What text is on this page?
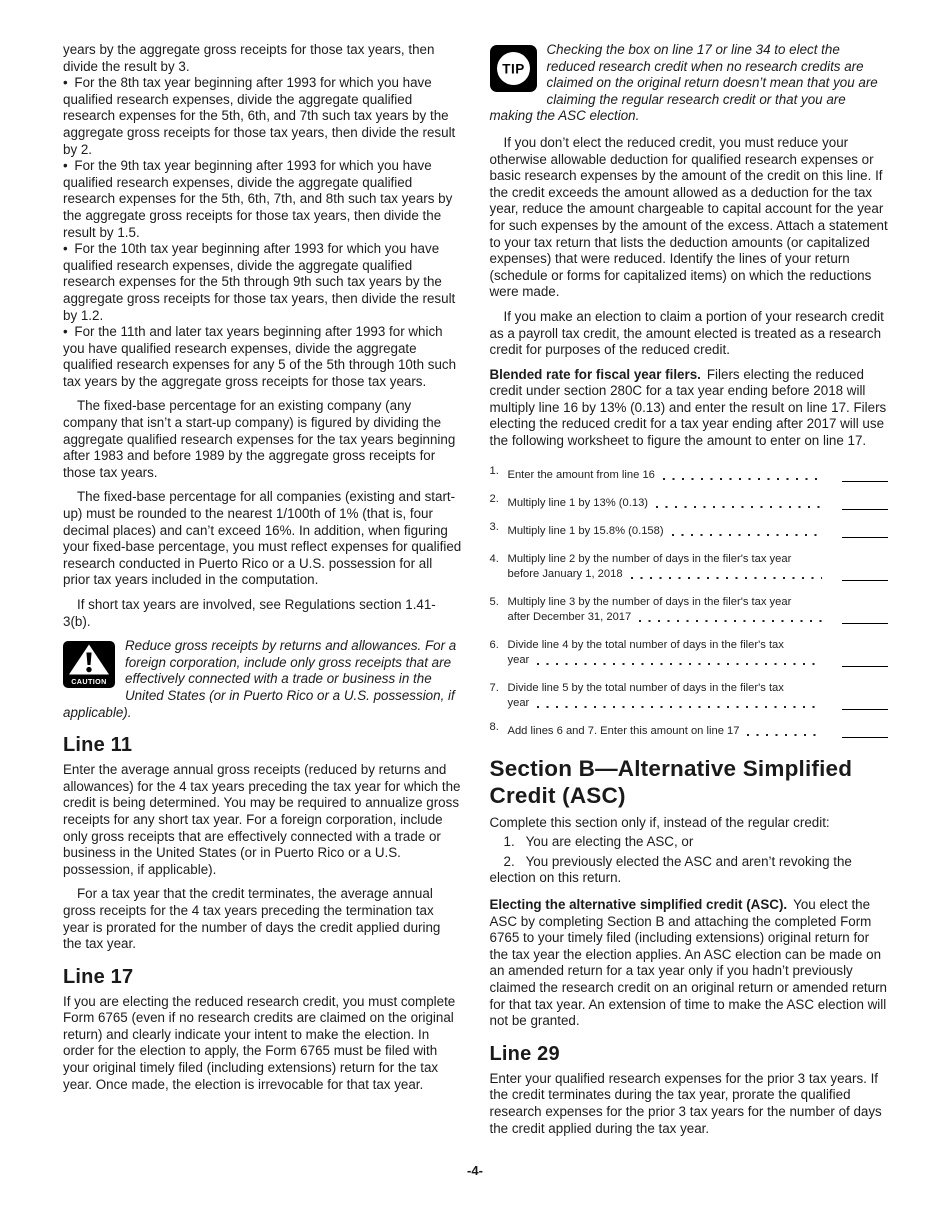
years by the aggregate gross receipts for those tax years, then divide the result by 3.

• For the 8th tax year beginning after 1993 for which you have qualified research expenses, divide the aggregate qualified research expenses for the 5th, 6th, and 7th such tax years by the aggregate gross receipts for those tax years, then divide the result by 2.

• For the 9th tax year beginning after 1993 for which you have qualified research expenses, divide the aggregate qualified research expenses for the 5th, 6th, 7th, and 8th such tax years by the aggregate gross receipts for those tax years, then divide the result by 1.5.

• For the 10th tax year beginning after 1993 for which you have qualified research expenses, divide the aggregate qualified research expenses for the 5th through 9th such tax years by the aggregate gross receipts for those tax years, then divide the result by 1.2.

• For the 11th and later tax years beginning after 1993 for which you have qualified research expenses, divide the aggregate qualified research expenses for any 5 of the 5th through 10th such tax years by the aggregate gross receipts for those tax years.

The fixed-base percentage for an existing company (any company that isn’t a start-up company) is figured by dividing the aggregate qualified research expenses for the tax years beginning after 1983 and before 1989 by the aggregate gross receipts for those tax years.

The fixed-base percentage for all companies (existing and start-up) must be rounded to the nearest 1/100th of 1% (that is, four decimal places) and can’t exceed 16%. In addition, when figuring your fixed-base percentage, you must reflect expenses for qualified research conducted in Puerto Rico or a U.S. possession for all prior tax years included in the computation.

If short tax years are involved, see Regulations section 1.41-3(b).

CAUTION

Reduce gross receipts by returns and allowances. For a foreign corporation, include only gross receipts that are effectively connected with a trade or business in the United States (or in Puerto Rico or a U.S. possession, if applicable).

Line 11

Enter the average annual gross receipts (reduced by returns and allowances) for the 4 tax years preceding the tax year for which the credit is being determined. You may be required to annualize gross receipts for any short tax year. For a foreign corporation, include only gross receipts that are effectively connected with a trade or business in the United States (or in Puerto Rico or a U.S. possession, if applicable).

For a tax year that the credit terminates, the average annual gross receipts for the 4 tax years preceding the termination tax year is prorated for the number of days the credit applied during the tax year.

Line 17

If you are electing the reduced research credit, you must complete Form 6765 (even if no research credits are claimed on the original return) and clearly indicate your intent to make the election. In order for the election to apply, the Form 6765 must be filed with your original timely filed (including extensions) return for the tax year. Once made, the election is irrevocable for that tax year.

TIP

Checking the box on line 17 or line 34 to elect the reduced research credit when no research credits are claimed on the original return doesn’t mean that you are claiming the regular research credit or that you are making the ASC election.

If you don’t elect the reduced credit, you must reduce your otherwise allowable deduction for qualified research expenses or basic research expenses by the amount of the credit on this line. If the credit exceeds the amount allowed as a deduction for the tax year, reduce the amount chargeable to capital account for the year for such expenses by the amount of the excess. Attach a statement to your tax return that lists the deduction amounts (or capitalized expenses) that were reduced. Identify the lines of your return (schedule or forms for capitalized items) on which the reductions were made.

If you make an election to claim a portion of your research credit as a payroll tax credit, the amount elected is treated as a research credit for purposes of the reduced credit.

Blended rate for fiscal year filers. Filers electing the reduced credit under section 280C for a tax year ending before 2018 will multiply line 16 by 13% (0.13) and enter the result on line 17. Filers electing the reduced credit for a tax year ending after 2017 will use the following worksheet to figure the amount to enter on line 17.

1. Enter the amount from line 16
2. Multiply line 1 by 13% (0.13)
3. Multiply line 1 by 15.8% (0.158)
4. Multiply line 2 by the number of days in the filer's tax year
before January 1, 2018
5. Multiply line 3 by the number of days in the filer's tax year
after December 31, 2017
6. Divide line 4 by the total number of days in the filer's tax
year
7. Divide line 5 by the total number of days in the filer's tax
year
8. Add lines 6 and 7. Enter this amount on line 17
Section B—Alternative Simplified Credit (ASC)

Complete this section only if, instead of the regular credit:

1.   You are electing the ASC, or

2.   You previously elected the ASC and aren’t revoking the election on this return.

Electing the alternative simplified credit (ASC). You elect the ASC by completing Section B and attaching the completed Form 6765 to your timely filed (including extensions) original return for the tax year the election applies. An ASC election can be made on an amended return for a tax year only if you hadn’t previously claimed the research credit on an original return or amended return for that tax year. An extension of time to make the ASC election will not be granted.

Line 29

Enter your qualified research expenses for the prior 3 tax years. If the credit terminates during the tax year, prorate the qualified research expenses for the prior 3 tax years for the number of days the credit applied during the tax year.

-4-
